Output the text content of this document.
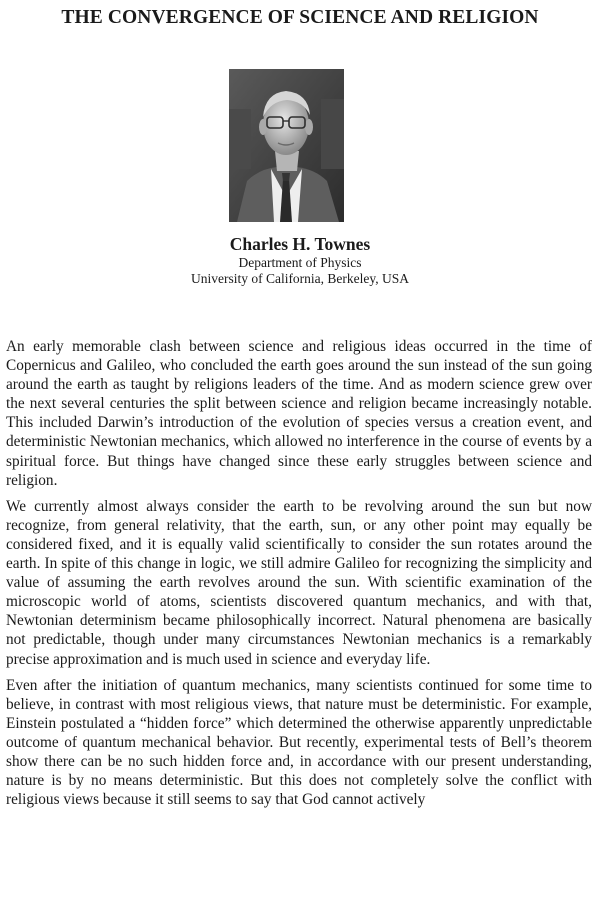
THE CONVERGENCE OF SCIENCE AND RELIGION
Charles H. Townes
Department of Physics
University of California, Berkeley, USA

An early memorable clash between science and religious ideas occurred in the time of Copernicus and Galileo, who concluded the earth goes around the sun instead of the sun going around the earth as taught by religions leaders of the time. And as modern science grew over the next several centuries the split between science and religion became increasingly notable. This included Darwin’s introduction of the evolution of species versus a creation event, and deterministic Newtonian mechanics, which allowed no interference in the course of events by a spiritual force. But things have changed since these early struggles between science and religion.

We currently almost always consider the earth to be revolving around the sun but now recognize, from general relativity, that the earth, sun, or any other point may equally be considered fixed, and it is equally valid scientifically to consider the sun rotates around the earth. In spite of this change in logic, we still admire Galileo for recognizing the simplicity and value of assuming the earth revolves around the sun. With scientific examination of the microscopic world of atoms, scientists discovered quantum mechanics, and with that, Newtonian determinism became philosophically incorrect. Natural phenomena are basically not predictable, though under many circumstances Newtonian mechanics is a remarkably precise approximation and is much used in science and everyday life.

Even after the initiation of quantum mechanics, many scientists continued for some time to believe, in contrast with most religious views, that nature must be deterministic. For example, Einstein postulated a “hidden force” which determined the otherwise apparently unpredictable outcome of quantum mechanical behavior. But recently, experimental tests of Bell’s theorem show there can be no such hidden force and, in accordance with our present understanding, nature is by no means deterministic. But this does not completely solve the conflict with religious views because it still seems to say that God cannot actively
